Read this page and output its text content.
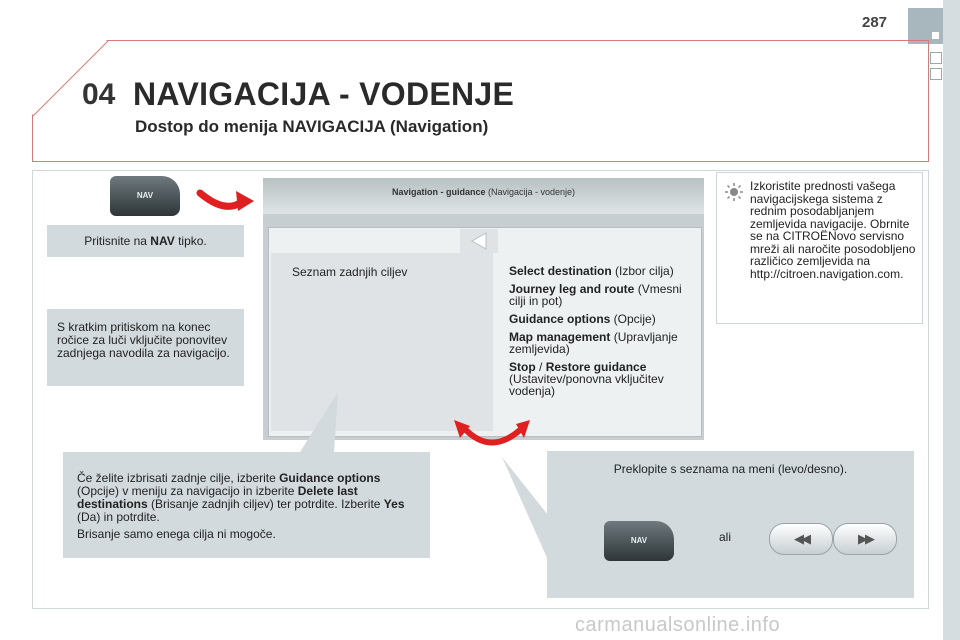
287
04 NAVIGACIJA - VODENJE
Dostop do menija NAVIGACIJA (Navigation)
NAV
Pritisnite na NAV tipko.
S kratkim pritiskom na konec ročice za luči vključite ponovitev zadnjega navodila za navigacijo.
Navigation - guidance (Navigacija - vodenje)
Seznam zadnjih ciljev	Select destination (Izbor cilja)

Journey leg and route (Vmesni cilji in pot)

Guidance options (Opcije)

Map management (Upravljanje zemljevida)

Stop / Restore guidance (Ustavitev/ponovna vključitev vodenja)

Izkoristite prednosti vašega navigacijskega sistema z rednim posodabljanjem zemljevida navigacije. Obrnite se na CITROËNovo servisno mreži ali naročite posodobljeno različico zemljevida na http://citroen.navigation.com.
Če želite izbrisati zadnje cilje, izberite Guidance options (Opcije) v meniju za navigacijo in izberite Delete last destinations (Brisanje zadnjih ciljev) ter potrdite. Izberite Yes (Da) in potrdite.
Brisanje samo enega cilja ni mogoče.
Preklopite s seznama na meni (levo/desno).
NAV	ali	◀◀	▶▶
carmanualsonline.info
